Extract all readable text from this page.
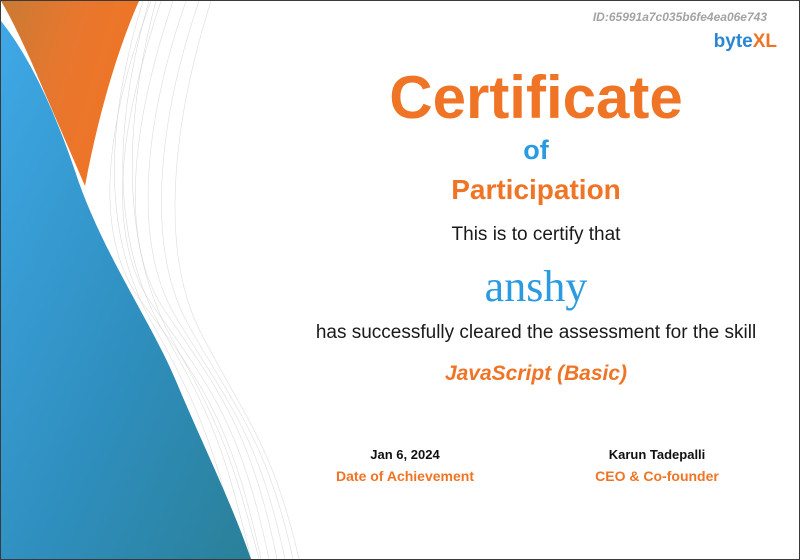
ID:65991a7c035b6fe4ea06e743
byteXL
Certificate
of
Participation
This is to certify that
anshy
has successfully cleared the assessment for the skill
JavaScript (Basic)
Jan 6, 2024
Date of Achievement
Karun Tadepalli
CEO & Co-founder
